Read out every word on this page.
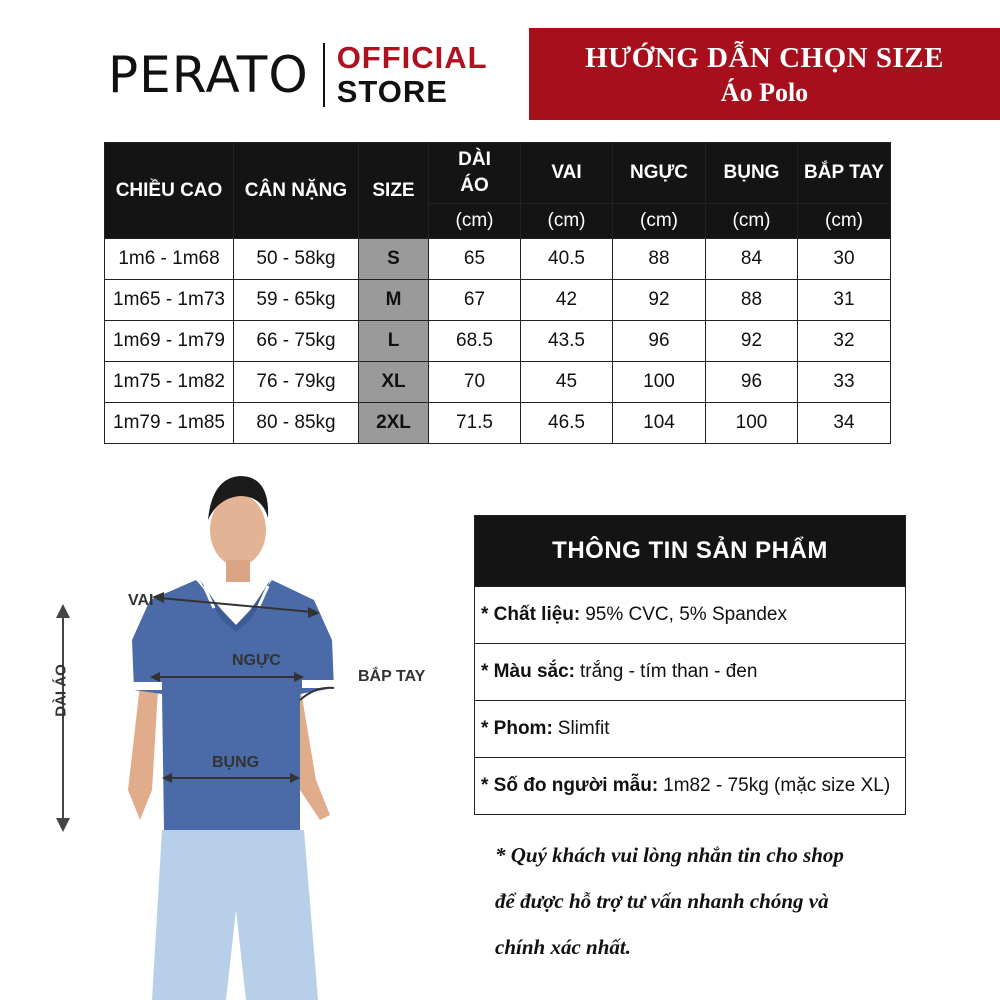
PERATO OFFICIAL
STORE
HƯỚNG DẪN CHỌN SIZE
Áo Polo
CHIỀU CAO	CÂN NẶNG	SIZE	DÀI ÁO	VAI	NGỰC	BỤNG	BẮP TAY
			(cm)	(cm)	(cm)	(cm)	(cm)
1m6 - 1m68	50 - 58kg	S	65	40.5	88	84	30
1m65 - 1m73	59 - 65kg	M	67	42	92	88	31
1m69 - 1m79	66 - 75kg	L	68.5	43.5	96	92	32
1m75 - 1m82	76 - 79kg	XL	70	45	100	96	33
1m79 - 1m85	80 - 85kg	2XL	71.5	46.5	104	100	34
VAI
NGỰC
BẮP TAY
BỤNG
DÀI ÁO
THÔNG TIN SẢN PHẨM
* Chất liệu: 95% CVC, 5% Spandex
* Màu sắc: trắng - tím than - đen
* Phom: Slimfit
* Số đo người mẫu: 1m82 - 75kg (mặc size XL)
* Quý khách vui lòng nhắn tin cho shop
để được hỗ trợ tư vấn nhanh chóng và
chính xác nhất.
